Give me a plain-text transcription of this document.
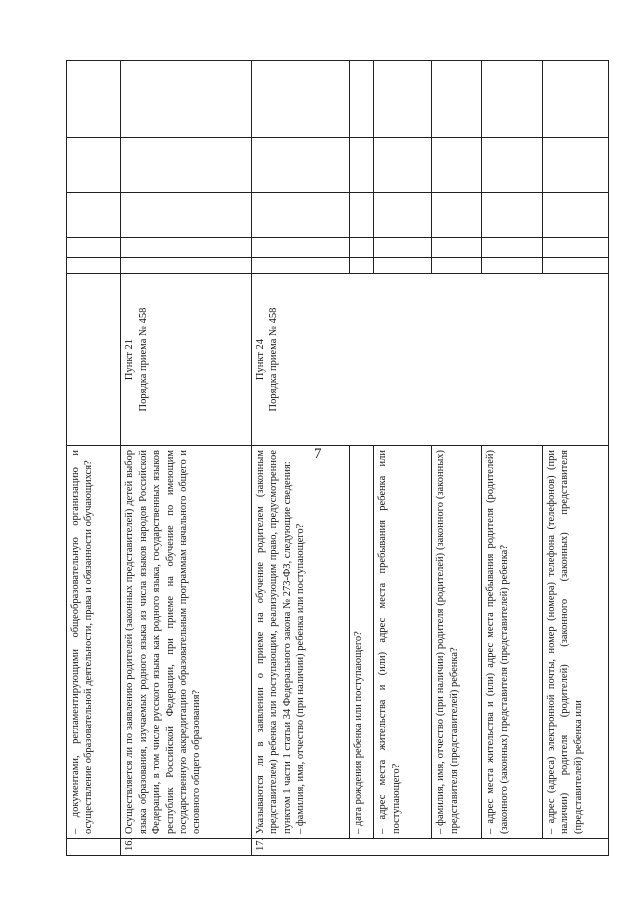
7
	– документами, регламентирующими общеобразовательную организацию и осуществление образовательной деятельности, права и обязанности обучающихся?						
16.	Осуществляется ли по заявлению родителей (законных представителей) детей выбор языка образования, изучаемых родного языка из числа языков народов Российской Федерации, в том числе русского языка как родного языка, государственных языков республик Российской Федерации, при приеме на обучение по имеющим государственную аккредитацию образовательным программам начального общего и основного общего образования?	Пункт 21 Порядка приема № 458					

17.	Указываются ли в заявлении о приеме на обучение родителем (законным представителем) ребенка или поступающим, реализующим право, предусмотренное пунктом 1 части 1 статьи 34 Федерального закона № 273-ФЗ, следующие сведения: – фамилия, имя, отчество (при наличии) ребенка или поступающего?	Пункт 24 Порядка приема № 458					

	– дата рождения ребенка или поступающего?						
	– адрес места жительства и (или) адрес места пребывания ребенка или поступающего?						
	– фамилия, имя, отчество (при наличии) родителя (родителей) (законного (законных) представителя (представителей) ребенка?						
	– адрес места жительства и (или) адрес места пребывания родителя (родителей) (законного (законных) представителя (представителей) ребенка?						
	– адрес (адреса) электронной почты, номер (номера) телефона (телефонов) (при наличии) родителя (родителей) (законного (законных) представителя (представителей) ребенка или						
